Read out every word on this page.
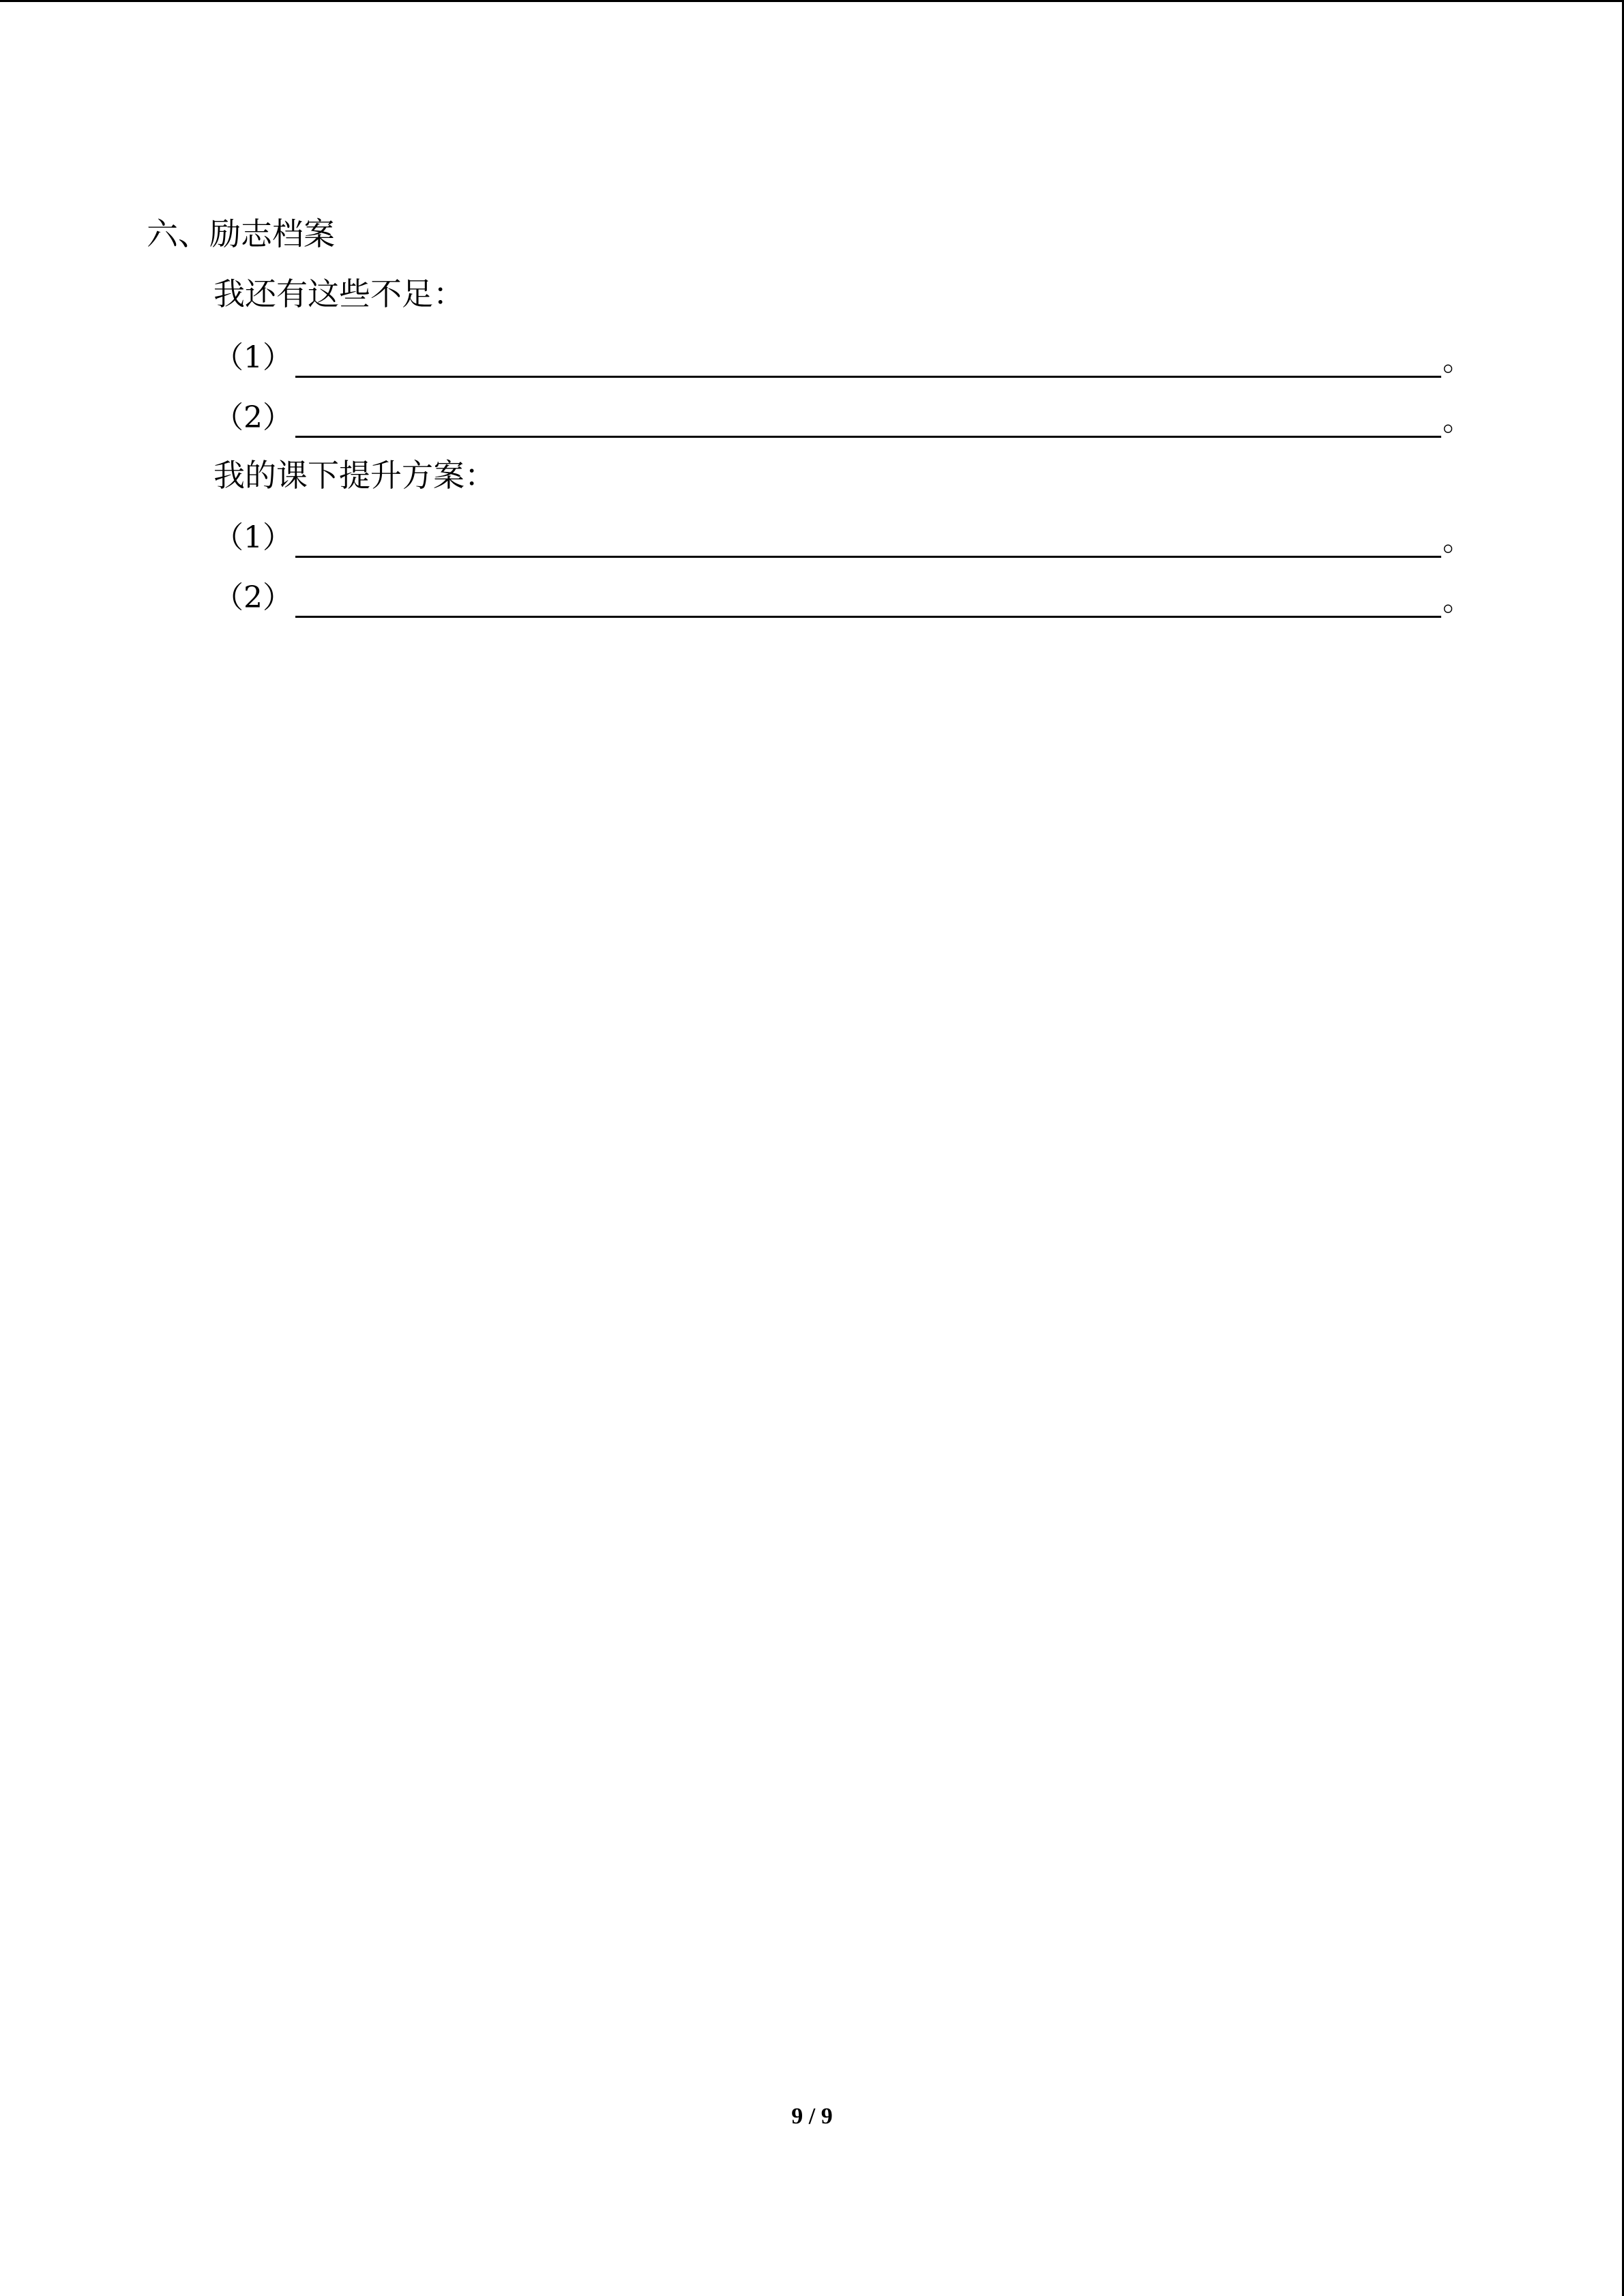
六、励志档案
我还有这些不足：
（1）	。
（2）	。
我的课下提升方案：
（1）	。
（2）	。
9 / 9
